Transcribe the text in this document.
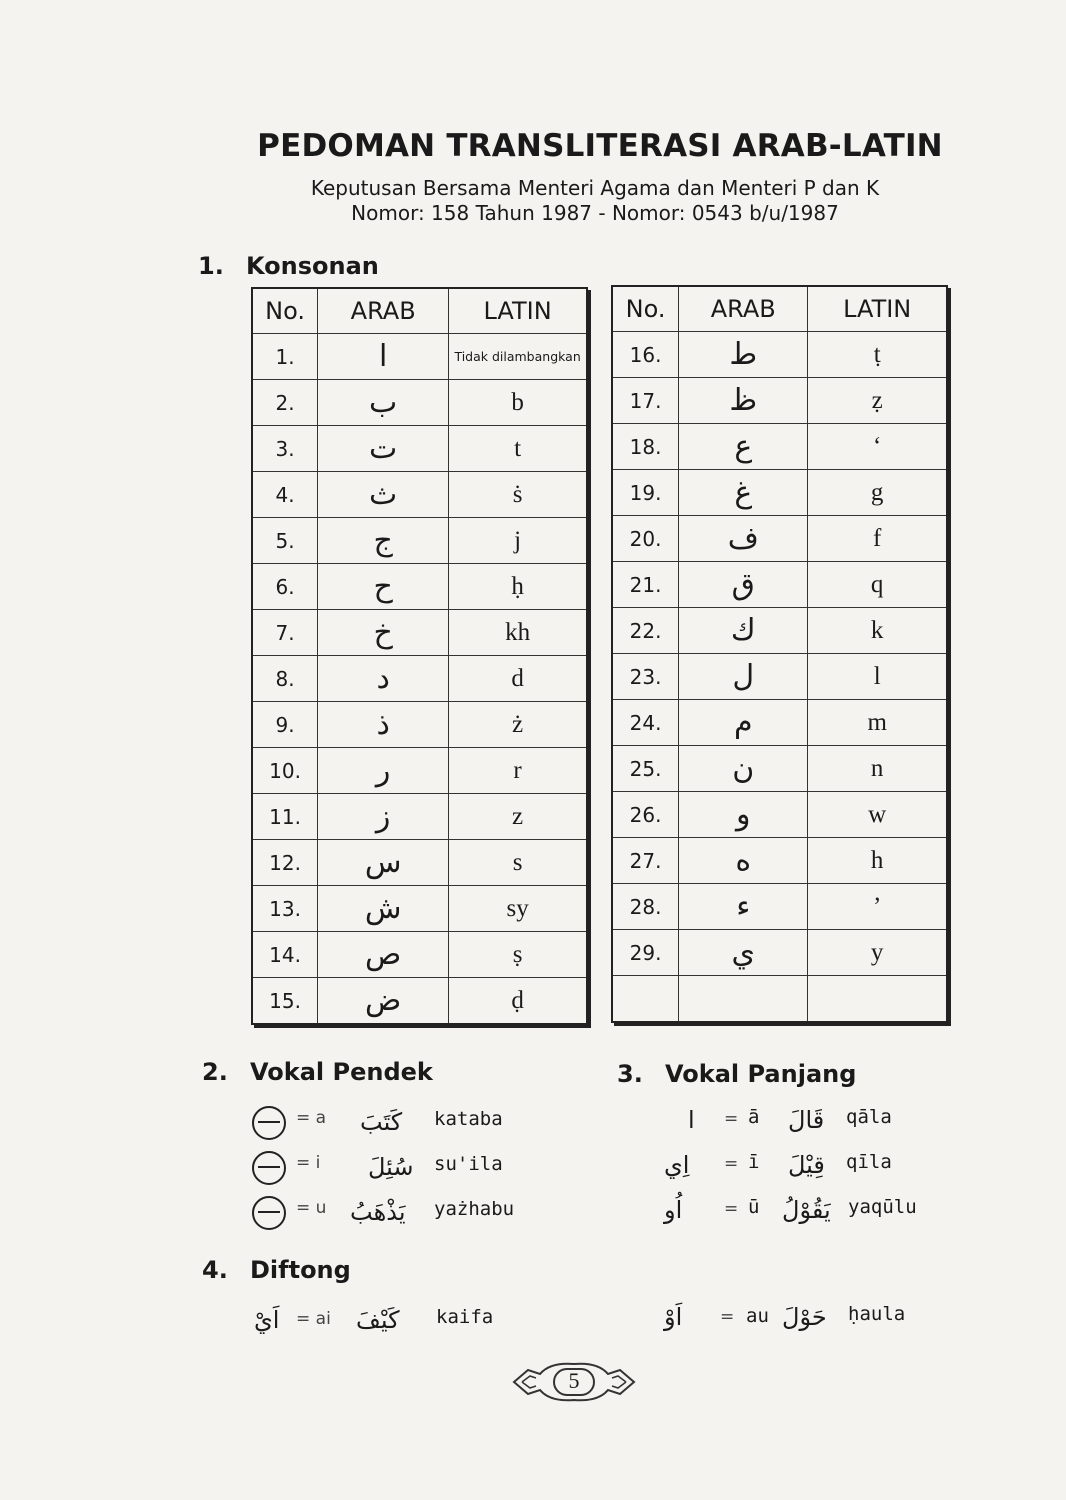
PEDOMAN TRANSLITERASI ARAB-LATIN
Keputusan Bersama Menteri Agama dan Menteri P dan K
Nomor: 158 Tahun 1987 - Nomor: 0543 b/u/1987
1. Konsonan
No.	ARAB	LATIN
1.	ا	Tidak dilambangkan
2.	ب	b
3.	ت	t
4.	ث	ṡ
5.	ج	j
6.	ح	ḥ
7.	خ	kh
8.	د	d
9.	ذ	ż
10.	ر	r
11.	ز	z
12.	س	s
13.	ش	sy
14.	ص	ṣ
15.	ض	ḍ
No.	ARAB	LATIN
16.	ط	ṭ
17.	ظ	ẓ
18.	ع	‘
19.	غ	g
20.	ف	f
21.	ق	q
22.	ك	k
23.	ل	l
24.	م	m
25.	ن	n
26.	و	w
27.	ه	h
28.	ء	’
29.	ي	y

2. Vokal Pendek	3. Vokal Panjang
= a كَتَبَ kataba
= i سُئِلَ su'ila
= u يَذْهَبُ yażhabu
ا = ā قَالَ qāla
اِي = ī قِيْلَ qīla
اُو = ū يَقُوْلُ yaqūlu
4. Diftong
اَيْ = ai كَيْفَ kaifa	اَوْ = au حَوْلَ ḥaula
5
